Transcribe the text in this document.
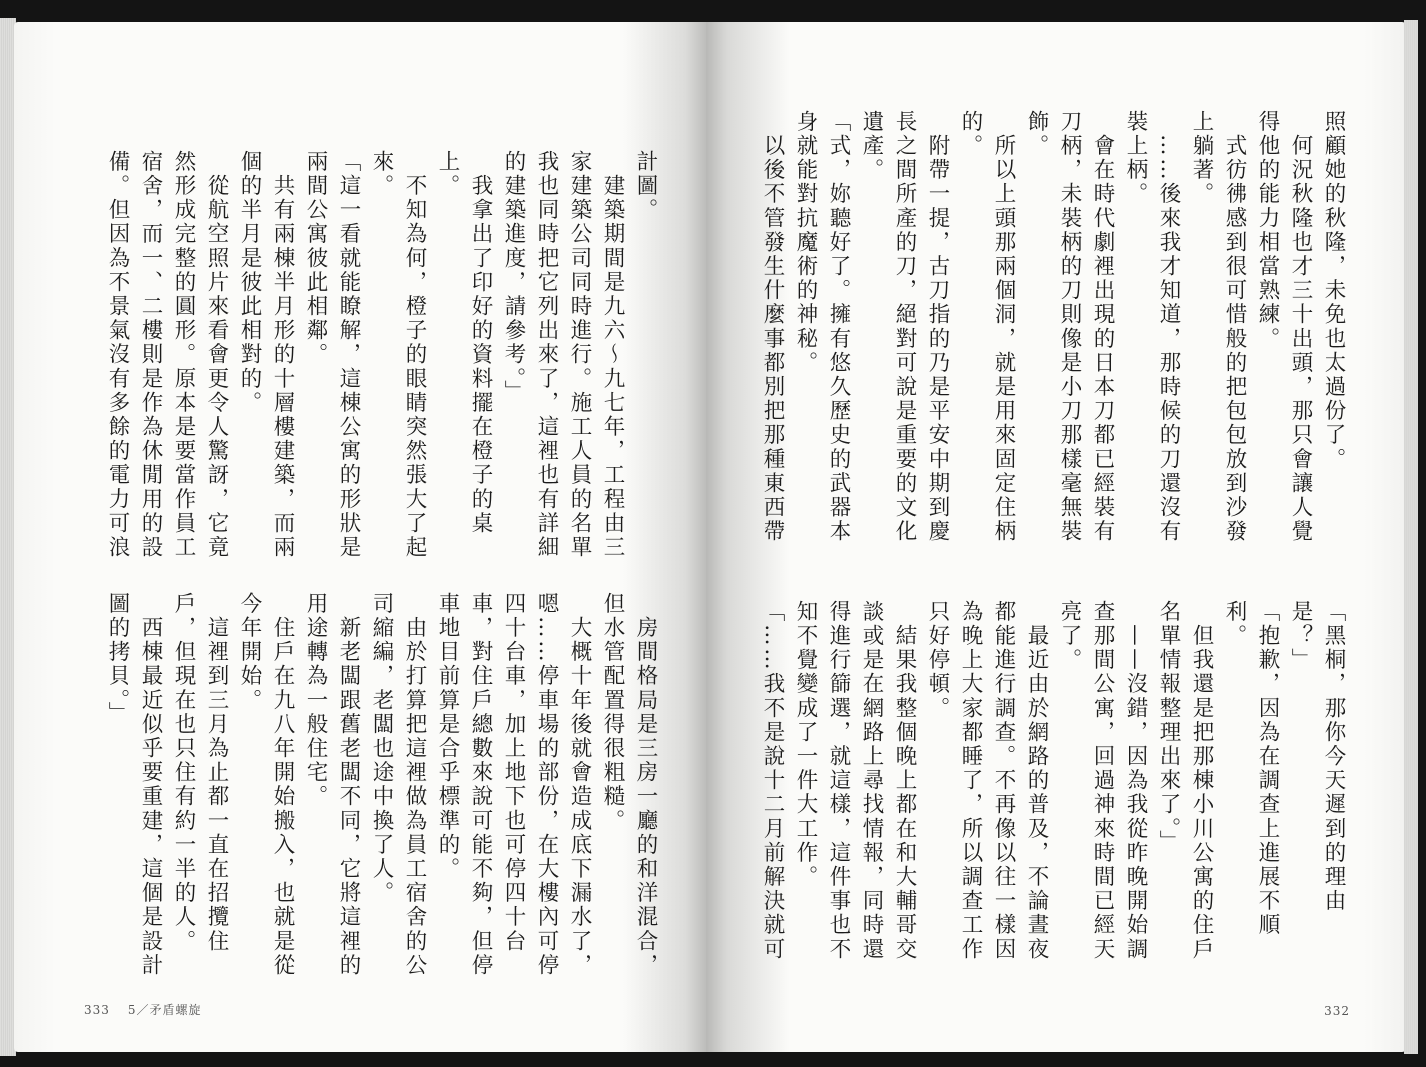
計圖。
　建築期間是九六～九七年，工程由三家建築公司同時進行。施工人員的名單我也同時把它列出來了，這裡也有詳細的建築進度，請參考。」
　我拿出了印好的資料擺在橙子的桌上。
　不知為何，橙子的眼睛突然張大了起來。
「這一看就能瞭解，這棟公寓的形狀是兩間公寓彼此相鄰。
　共有兩棟半月形的十層樓建築，而兩個的半月是彼此相對的。
　從航空照片來看會更令人驚訝，它竟然形成完整的圓形。原本是要當作員工宿舍，而一、二樓則是作為休閒用的設備。但因為不景氣沒有多餘的電力可浪

　房間格局是三房一廳的和洋混合，但水管配置得很粗糙。
　大概十年後就會造成底下漏水了，嗯……停車場的部份，在大樓內可停四十台車，加上地下也可停四十台車，對住戶總數來說可能不夠，但停車地目前算是合乎標準的。
　由於打算把這裡做為員工宿舍的公司縮編，老闆也途中換了人。
　新老闆跟舊老闆不同，它將這裡的用途轉為一般住宅。
　住戶在九八年開始搬入，也就是從今年開始。
　這裡到三月為止都一直在招攬住戶，但現在也只住有約一半的人。
　西棟最近似乎要重建，這個是設計圖的拷貝。」

333 5／矛盾螺旋
照顧她的秋隆，未免也太過份了。
　何況秋隆也才三十出頭，那只會讓人覺得他的能力相當熟練。
　式彷彿感到很可惜般的把包包放到沙發上躺著。
　……後來我才知道，那時候的刀還沒有裝上柄。
　會在時代劇裡出現的日本刀都已經裝有刀柄，未裝柄的刀則像是小刀那樣毫無裝飾。
　所以上頭那兩個洞，就是用來固定住柄的。
　附帶一提，古刀指的乃是平安中期到慶長之間所產的刀，絕對可說是重要的文化遺產。
「式，妳聽好了。擁有悠久歷史的武器本身就能對抗魔術的神秘。
　以後不管發生什麼事都別把那種東西帶

「黑桐，那你今天遲到的理由是？」
「抱歉，因為在調查上進展不順利。
　但我還是把那棟小川公寓的住戶名單情報整理出來了。」
　——沒錯，因為我從昨晚開始調查那間公寓，回過神來時間已經天亮了。
　最近由於網路的普及，不論晝夜都能進行調查。不再像以往一樣因為晚上大家都睡了，所以調查工作只好停頓。
　結果我整個晚上都在和大輔哥交談或是在網路上尋找情報，同時還得進行篩選，就這樣，這件事也不知不覺變成了一件大工作。
「……我不是說十二月前解決就可

332
